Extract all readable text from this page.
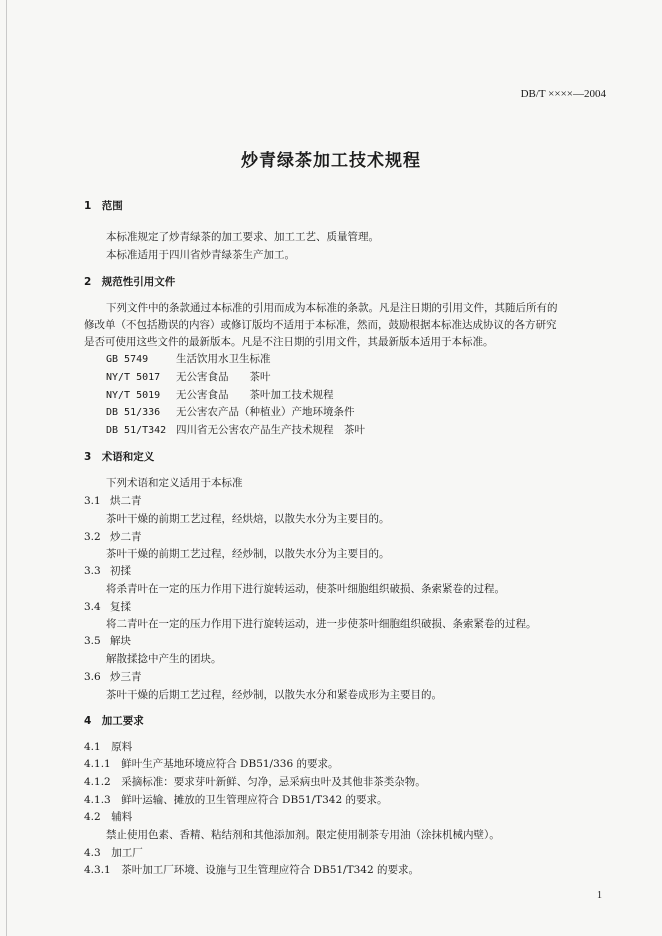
DB/T ××××—2004
炒青绿茶加工技术规程
1　范围
本标准规定了炒青绿茶的加工要求、加工工艺、质量管理。
本标准适用于四川省炒青绿茶生产加工。
2　规范性引用文件
下列文件中的条款通过本标准的引用而成为本标准的条款。凡是注日期的引用文件，其随后所有的
修改单（不包括勘误的内容）或修订版均不适用于本标准，然而，鼓励根据本标准达成协议的各方研究
是否可使用这些文件的最新版本。凡是不注日期的引用文件，其最新版本适用于本标准。
GB 5749	生活饮用水卫生标准
NY/T 5017 无公害食品　　茶叶
NY/T 5019 无公害食品　　茶叶加工技术规程
DB 51/336 无公害农产品（种植业）产地环境条件
DB 51/T342 四川省无公害农产品生产技术规程　茶叶
3　术语和定义
下列术语和定义适用于本标准
3.1 烘二青
茶叶干燥的前期工艺过程，经烘焙，以散失水分为主要目的。
3.2 炒二青
茶叶干燥的前期工艺过程，经炒制，以散失水分为主要目的。
3.3 初揉
将杀青叶在一定的压力作用下进行旋转运动，使茶叶细胞组织破损、条索紧卷的过程。
3.4 复揉
将二青叶在一定的压力作用下进行旋转运动，进一步使茶叶细胞组织破损、条索紧卷的过程。
3.5 解块
解散揉捻中产生的团块。
3.6 炒三青
茶叶干燥的后期工艺过程，经炒制，以散失水分和紧卷成形为主要目的。
4　加工要求
4.1　原料
4.1.1　鲜叶生产基地环境应符合 DB51/336 的要求。
4.1.2　采摘标准：要求芽叶新鲜、匀净，忌采病虫叶及其他非茶类杂物。
4.1.3　鲜叶运输、摊放的卫生管理应符合 DB51/T342 的要求。
4.2　辅料
禁止使用色素、香精、粘结剂和其他添加剂。限定使用制茶专用油（涂抹机械内壁）。
4.3　加工厂
4.3.1　茶叶加工厂环境、设施与卫生管理应符合 DB51/T342 的要求。
1
